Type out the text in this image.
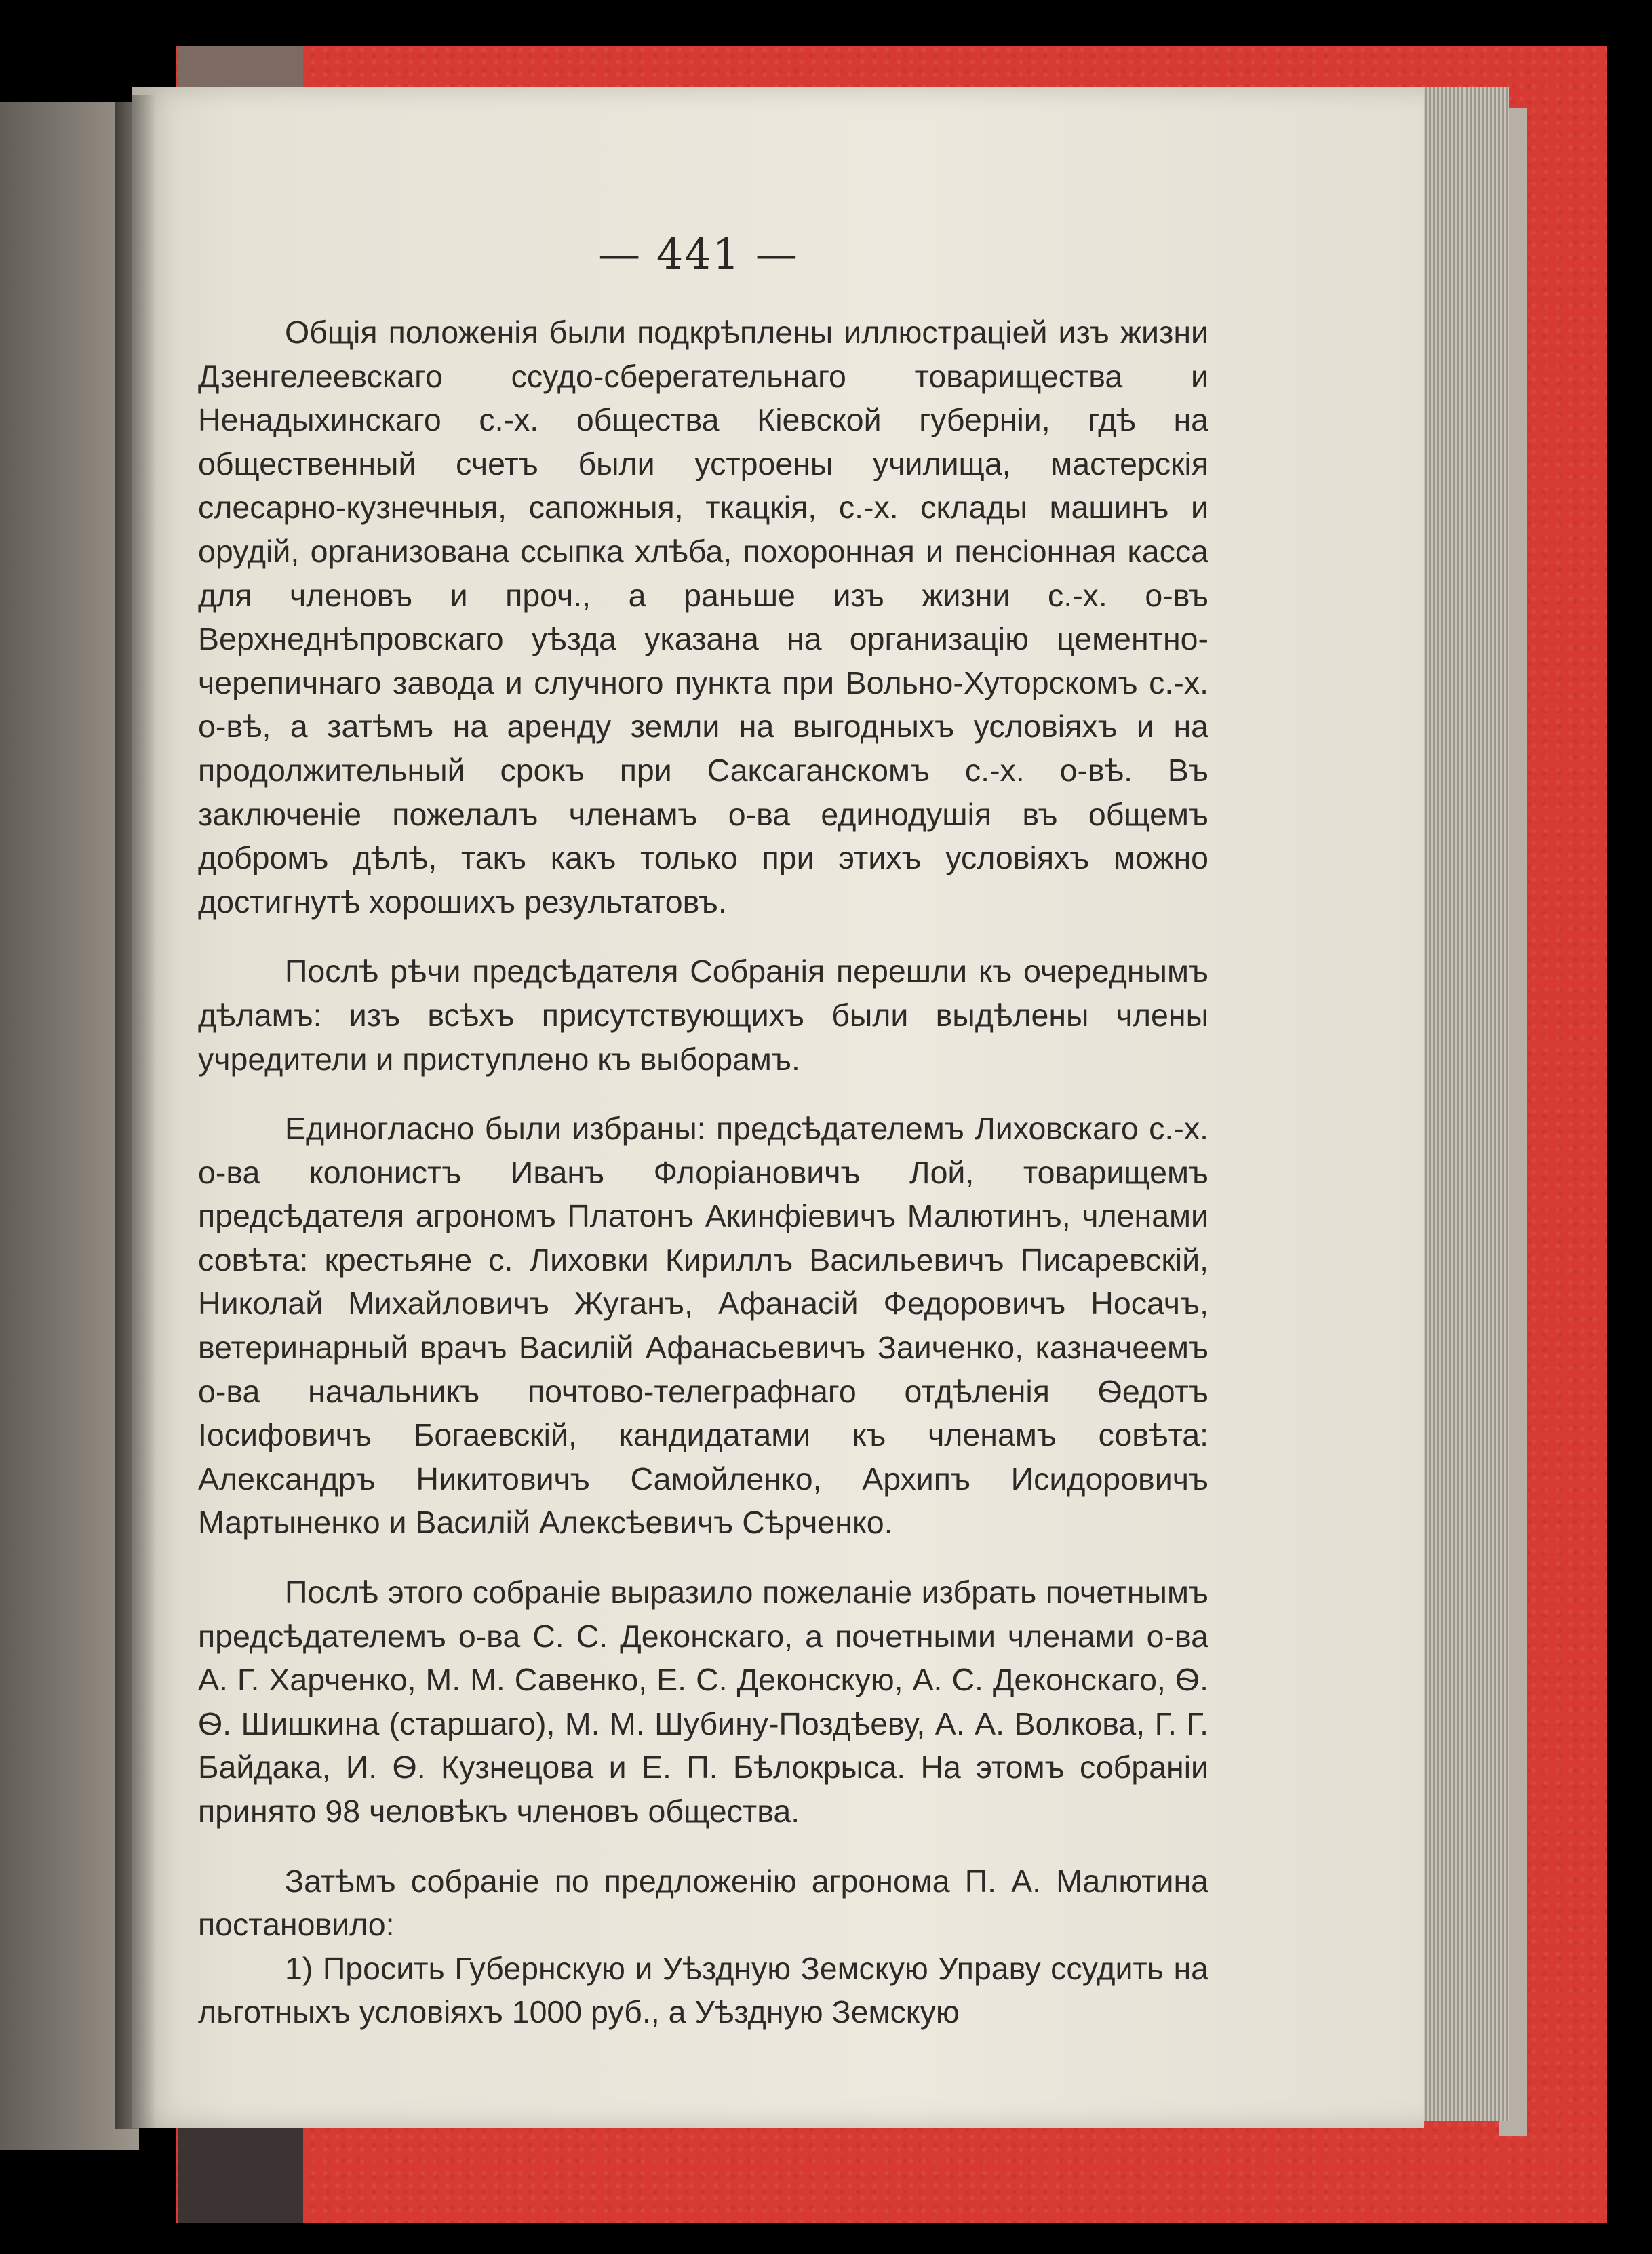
— 441 —

Общія положенія были подкрѣплены иллюстраціей изъ жизни Дзенгелеевскаго ссудо-сберегательнаго товарищества и Ненадыхинскаго с.-х. общества Кіевской губерніи, гдѣ на общественный счетъ были устроены училища, мастерскія слесарно-кузнечныя, сапожныя, ткацкія, с.-х. склады машинъ и орудій, организована ссыпка хлѣба, похоронная и пенсіонная касса для членовъ и проч., а раньше изъ жизни с.-х. о-въ Верхнеднѣпровскаго уѣзда указана на организацію цементно-черепичнаго завода и случного пункта при Вольно-Хуторскомъ с.-х. о-вѣ, а затѣмъ на аренду земли на выгодныхъ условіяхъ и на продолжительный срокъ при Саксаганскомъ с.-х. о-вѣ. Въ заключеніе пожелалъ членамъ о-ва единодушія въ общемъ добромъ дѣлѣ, такъ какъ только при этихъ условіяхъ можно достигнутѣ хорошихъ результатовъ.

Послѣ рѣчи предсѣдателя Собранія перешли къ очереднымъ дѣламъ: изъ всѣхъ присутствующихъ были выдѣлены члены учредители и приступлено къ выборамъ.

Единогласно были избраны: предсѣдателемъ Лиховскаго с.-х. о-ва колонистъ Иванъ Флоріановичъ Лой, товарищемъ предсѣдателя агрономъ Платонъ Акинфіевичъ Малютинъ, членами совѣта: крестьяне с. Лиховки Кириллъ Васильевичъ Писаревскій, Николай Михайловичъ Жуганъ, Афанасій Федоровичъ Носачъ, ветеринарный врачъ Василій Афанасьевичъ Заиченко, казначеемъ о-ва начальникъ почтово-телеграфнаго отдѣленія Ѳедотъ Іосифовичъ Богаевскій, кандидатами къ членамъ совѣта: Александръ Никитовичъ Самойленко, Архипъ Исидоровичъ Мартыненко и Василій Алексѣевичъ Сѣрченко.

Послѣ этого собраніе выразило пожеланіе избрать почетнымъ предсѣдателемъ о-ва С. С. Деконскаго, а почетными членами о-ва А. Г. Харченко, М. М. Савенко, Е. С. Деконскую, А. С. Деконскаго, Ѳ. Ѳ. Шишкина (старшаго), М. М. Шубину-Поздѣеву, А. А. Волкова, Г. Г. Байдака, И. Ѳ. Кузнецова и Е. П. Бѣлокрыса. На этомъ собраніи принято 98 человѣкъ членовъ общества.

Затѣмъ собраніе по предложенію агронома П. А. Малютина постановило:

1) Просить Губернскую и Уѣздную Земскую Управу ссудить на льготныхъ условіяхъ 1000 руб., а Уѣздную Земскую
